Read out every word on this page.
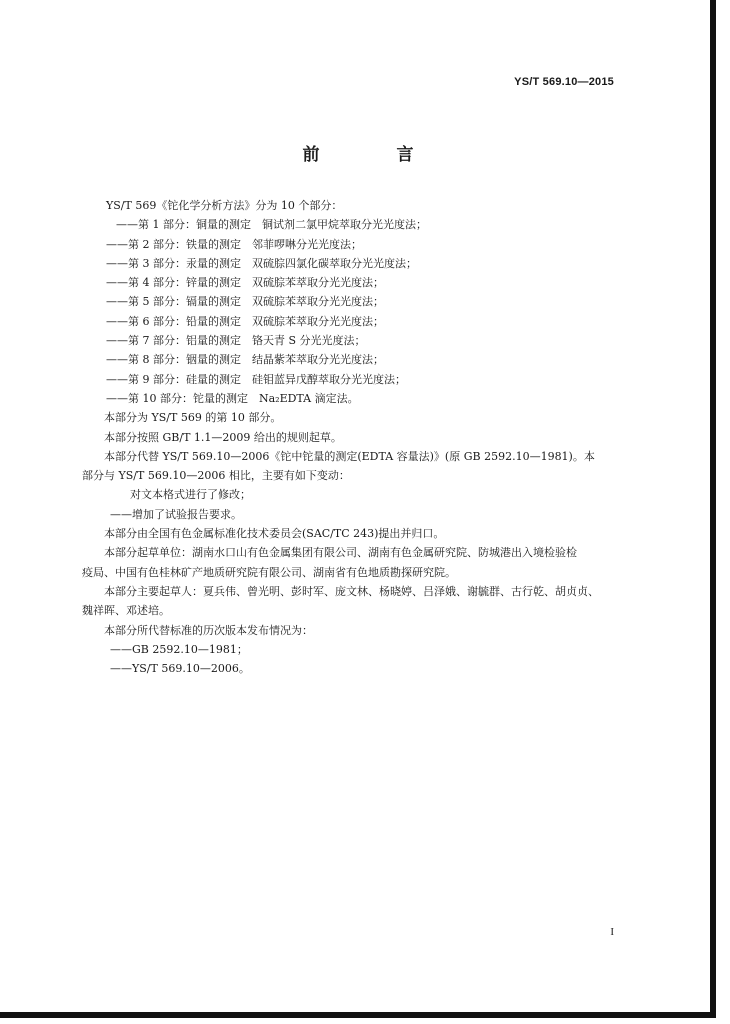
YS/T 569.10—2015
前　言
YS/T 569《铊化学分析方法》分为 10 个部分：
——第 1 部分：铜量的测定　铜试剂二氯甲烷萃取分光光度法；
——第 2 部分：铁量的测定　邻菲啰啉分光光度法；
——第 3 部分：汞量的测定　双硫腙四氯化碳萃取分光光度法；
——第 4 部分：锌量的测定　双硫腙苯萃取分光光度法；
——第 5 部分：镉量的测定　双硫腙苯萃取分光光度法；
——第 6 部分：铅量的测定　双硫腙苯萃取分光光度法；
——第 7 部分：铝量的测定　铬天青 S 分光光度法；
——第 8 部分：铟量的测定　结晶紫苯萃取分光光度法；
——第 9 部分：硅量的测定　硅钼蓝异戊醇萃取分光光度法；
——第 10 部分：铊量的测定　Na₂EDTA 滴定法。
本部分为 YS/T 569 的第 10 部分。
本部分按照 GB/T 1.1—2009 给出的规则起草。
本部分代替 YS/T 569.10—2006《铊中铊量的测定(EDTA 容量法)》(原 GB 2592.10—1981)。本
部分与 YS/T 569.10—2006 相比，主要有如下变动：
对文本格式进行了修改；
——增加了试验报告要求。
本部分由全国有色金属标准化技术委员会(SAC/TC 243)提出并归口。
本部分起草单位：湖南水口山有色金属集团有限公司、湖南有色金属研究院、防城港出入境检验检
疫局、中国有色桂林矿产地质研究院有限公司、湖南省有色地质勘探研究院。
本部分主要起草人：夏兵伟、曾光明、彭时军、庞文林、杨晓婷、吕泽娥、谢毓群、古行乾、胡贞贞、
魏祥晖、邓述培。
本部分所代替标准的历次版本发布情况为：
——GB 2592.10—1981；
——YS/T 569.10—2006。
I
